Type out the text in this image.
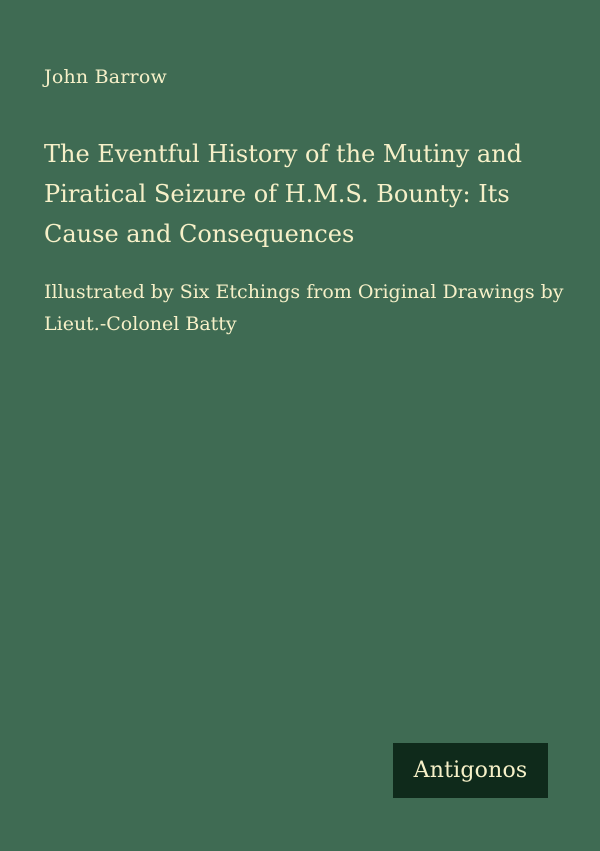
John Barrow
The Eventful History of the Mutiny and Piratical Seizure of H.M.S. Bounty: Its Cause and Consequences
Illustrated by Six Etchings from Original Drawings by Lieut.-Colonel Batty
Antigonos
